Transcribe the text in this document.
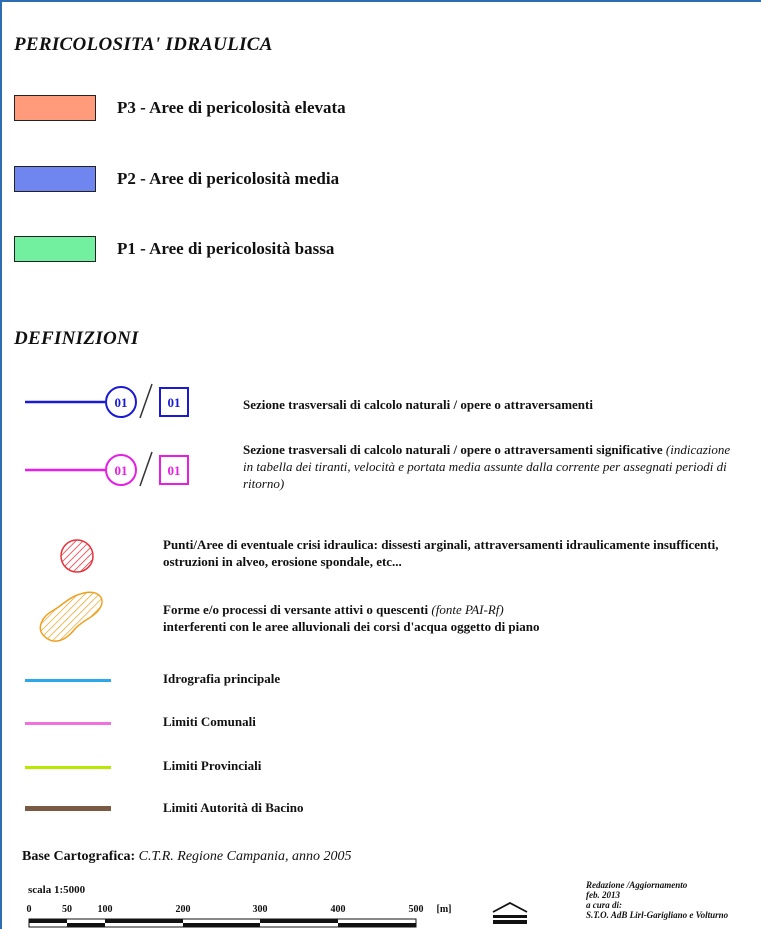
PERICOLOSITA' IDRAULICA
P3 - Aree di pericolosità elevata
P2 - Aree di pericolosità media
P1 - Aree di pericolosità bassa
DEFINIZIONI
01	01	Sezione trasversali di calcolo naturali / opere o attraversamenti
01	01
Sezione trasversali di calcolo naturali / opere o attraversamenti significative (indicazione in tabella dei tiranti, velocità e portata media assunte dalla corrente per assegnati periodi di ritorno)
Punti/Aree di eventuale crisi idraulica: dissesti arginali, attraversamenti idraulicamente insufficenti, ostruzioni in alveo, erosione spondale, etc...
Forme e/o processi di versante attivi o quescenti (fonte PAI-Rf)
interferenti con le aree alluvionali dei corsi d'acqua oggetto di piano
Idrografia principale
Limiti Comunali
Limiti Provinciali
Limiti Autorità di Bacino
Base Cartografica: C.T.R. Regione Campania, anno 2005
scala 1:5000
0	50	100	200	300	400	500 [m]
Redazione /Aggiornamento
feb. 2013
a cura di:
S.T.O. AdB Lirl-Garigliano e Volturno
